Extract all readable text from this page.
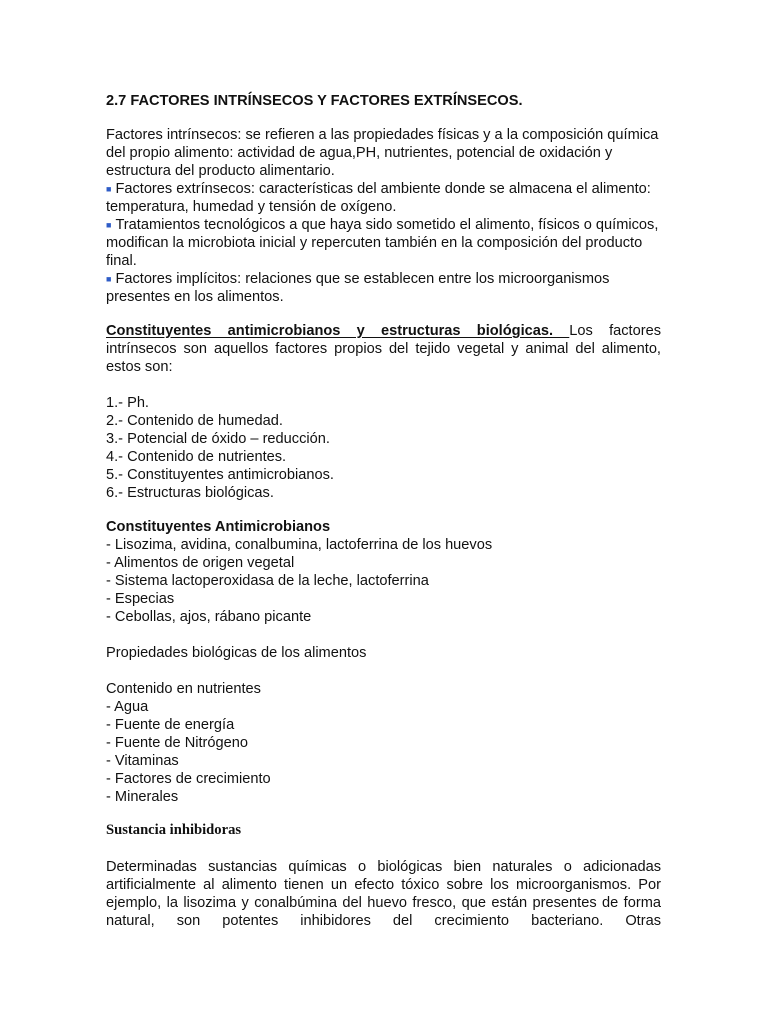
2.7 FACTORES INTRÍNSECOS Y FACTORES EXTRÍNSECOS.
Factores intrínsecos: se refieren a las propiedades físicas y a la composición química del propio alimento: actividad de agua,PH, nutrientes, potencial de oxidación y estructura del producto alimentario.
■ Factores extrínsecos: características del ambiente donde se almacena el alimento: temperatura, humedad y tensión de oxígeno.
■ Tratamientos tecnológicos a que haya sido sometido el alimento, físicos o químicos, modifican la microbiota inicial y repercuten también en la composición del producto final.
■ Factores implícitos: relaciones que se establecen entre los microorganismos presentes en los alimentos.
Constituyentes antimicrobianos y estructuras biológicas. Los factores intrínsecos son aquellos factores propios del tejido vegetal y animal del alimento, estos son:
1.- Ph.
2.- Contenido de humedad.
3.- Potencial de óxido – reducción.
4.- Contenido de nutrientes.
5.- Constituyentes antimicrobianos.
6.- Estructuras biológicas.
Constituyentes Antimicrobianos
- Lisozima, avidina, conalbumina, lactoferrina de los huevos
- Alimentos de origen vegetal
- Sistema lactoperoxidasa de la leche, lactoferrina
- Especias
- Cebollas, ajos, rábano picante
Propiedades biológicas de los alimentos
Contenido en nutrientes
- Agua
- Fuente de energía
- Fuente de Nitrógeno
- Vitaminas
- Factores de crecimiento
- Minerales
Sustancia inhibidoras
Determinadas sustancias químicas o biológicas bien naturales o adicionadas artificialmente al alimento tienen un efecto tóxico sobre los microorganismos. Por ejemplo, la lisozima y conalbúmina del huevo fresco, que están presentes de forma natural, son potentes inhibidores del crecimiento bacteriano. Otras
